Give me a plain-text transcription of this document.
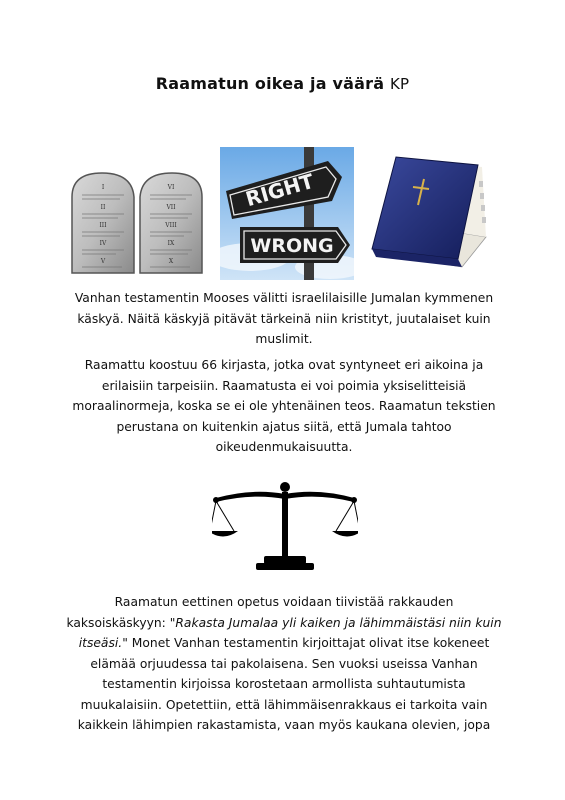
Raamatun oikea ja väärä KP
I
II
III
IV
V
VI
VII
VIII
IX
X
RIGHT
WRONG
Vanhan testamentin Mooses välitti israelilaisille Jumalan kymmenen käskyä. Näitä käskyjä pitävät tärkeinä niin kristityt, juutalaiset kuin muslimit.
Raamattu koostuu 66 kirjasta, jotka ovat syntyneet eri aikoina ja erilaisiin tarpeisiin. Raamatusta ei voi poimia yksiselitteisiä moraalinormeja, koska se ei ole yhtenäinen teos. Raamatun tekstien perustana on kuitenkin ajatus siitä, että Jumala tahtoo oikeudenmukaisuutta.
Raamatun eettinen opetus voidaan tiivistää rakkauden kaksoiskäskyyn: "Rakasta Jumalaa yli kaiken ja lähimmäistäsi niin kuin itseäsi." Monet Vanhan testamentin kirjoittajat olivat itse kokeneet elämää orjuudessa tai pakolaisena. Sen vuoksi useissa Vanhan testamentin kirjoissa korostetaan armollista suhtautumista muukalaisiin. Opetettiin, että lähimmäisenrakkaus ei tarkoita vain kaikkein lähimpien rakastamista, vaan myös kaukana olevien, jopa
